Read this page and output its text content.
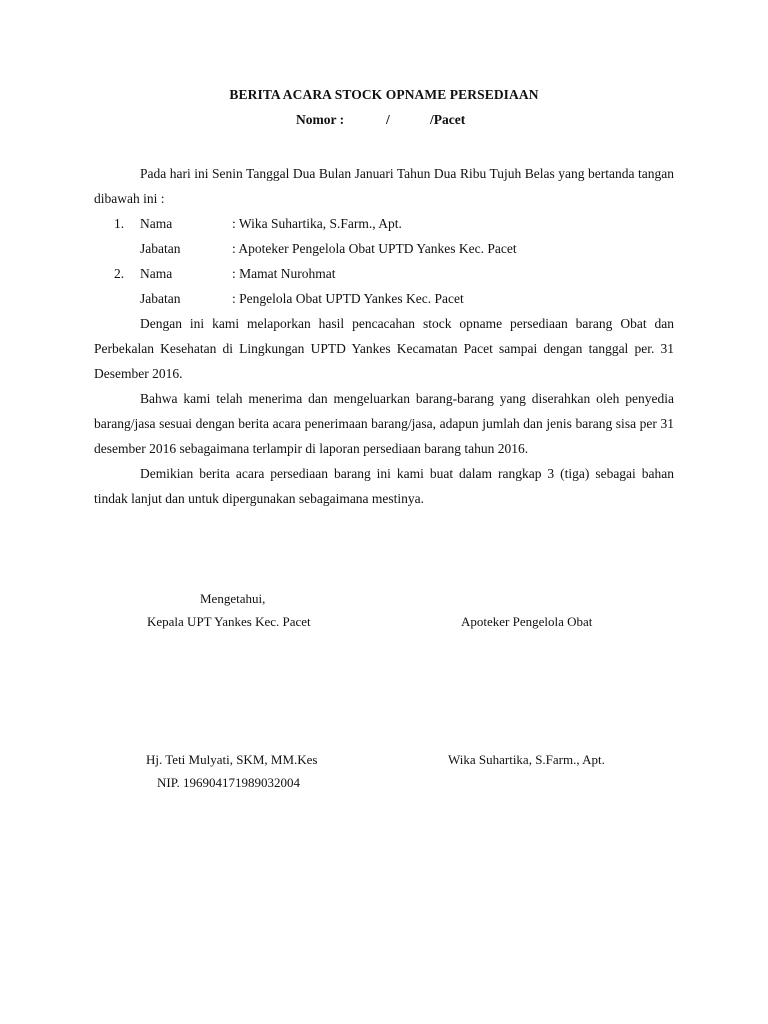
BERITA ACARA STOCK OPNAME PERSEDIAAN
Nomor :	/	/Pacet

Pada hari ini Senin Tanggal Dua Bulan Januari Tahun Dua Ribu Tujuh Belas yang bertanda tangan dibawah ini :

1. Nama	: Wika Suhartika, S.Farm., Apt.
Jabatan	: Apoteker Pengelola Obat UPTD Yankes Kec. Pacet
2. Nama	: Mamat Nurohmat
Jabatan	: Pengelola Obat UPTD Yankes Kec. Pacet

Dengan ini kami melaporkan hasil pencacahan stock opname persediaan barang Obat dan Perbekalan Kesehatan di Lingkungan UPTD Yankes Kecamatan Pacet sampai dengan tanggal per. 31 Desember 2016.

Bahwa kami telah menerima dan mengeluarkan barang-barang yang diserahkan oleh penyedia barang/jasa sesuai dengan berita acara penerimaan barang/jasa, adapun jumlah dan jenis barang sisa per 31 desember 2016 sebagaimana terlampir di laporan persediaan barang tahun 2016.

Demikian berita acara persediaan barang ini kami buat dalam rangkap 3 (tiga) sebagai bahan tindak lanjut dan untuk dipergunakan sebagaimana mestinya.

Mengetahui,
Kepala UPT Yankes Kec. Pacet	Apoteker Pengelola Obat
Hj. Teti Mulyati, SKM, MM.Kes
NIP. 196904171989032004
Wika Suhartika, S.Farm., Apt.
